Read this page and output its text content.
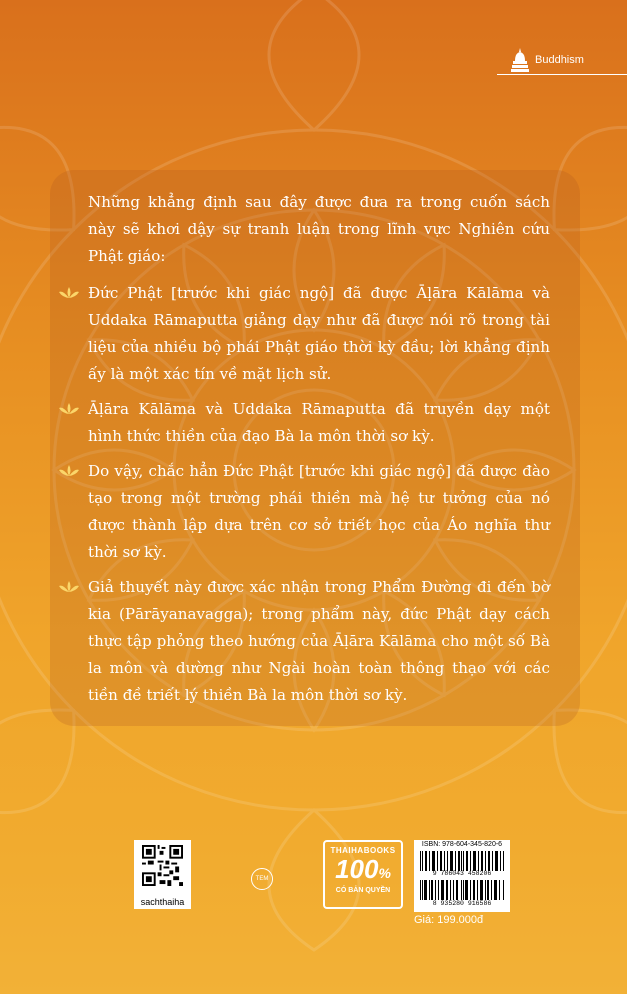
Buddhism

Những khẳng định sau đây được đưa ra trong cuốn sách này sẽ khơi dậy sự tranh luận trong lĩnh vực Nghiên cứu Phật giáo:

Đức Phật [trước khi giác ngộ] đã được Āḷāra Kālāma và Uddaka Rāmaputta giảng dạy như đã được nói rõ trong tài liệu của nhiều bộ phái Phật giáo thời kỳ đầu; lời khẳng định ấy là một xác tín về mặt lịch sử.
Āḷāra Kālāma và Uddaka Rāmaputta đã truyền dạy một hình thức thiền của đạo Bà la môn thời sơ kỳ.
Do vậy, chắc hẳn Đức Phật [trước khi giác ngộ] đã được đào tạo trong một trường phái thiền mà hệ tư tưởng của nó được thành lập dựa trên cơ sở triết học của Áo nghĩa thư thời sơ kỳ.
Giả thuyết này được xác nhận trong Phẩm Đường đi đến bờ kia (Pārāyanavagga); trong phẩm này, đức Phật dạy cách thực tập phỏng theo hướng của Āḷāra Kālāma cho một số Bà la môn và dường như Ngài hoàn toàn thông thạo với các tiền đề triết lý thiền Bà la môn thời sơ kỳ.
sachthaiha
TEM
THAIHABOOKS
100%
CÓ BẢN QUYỀN
ISBN: 978-604-345-820-6
9 786043 458206
8 935280 916586
Giá: 199.000đ
